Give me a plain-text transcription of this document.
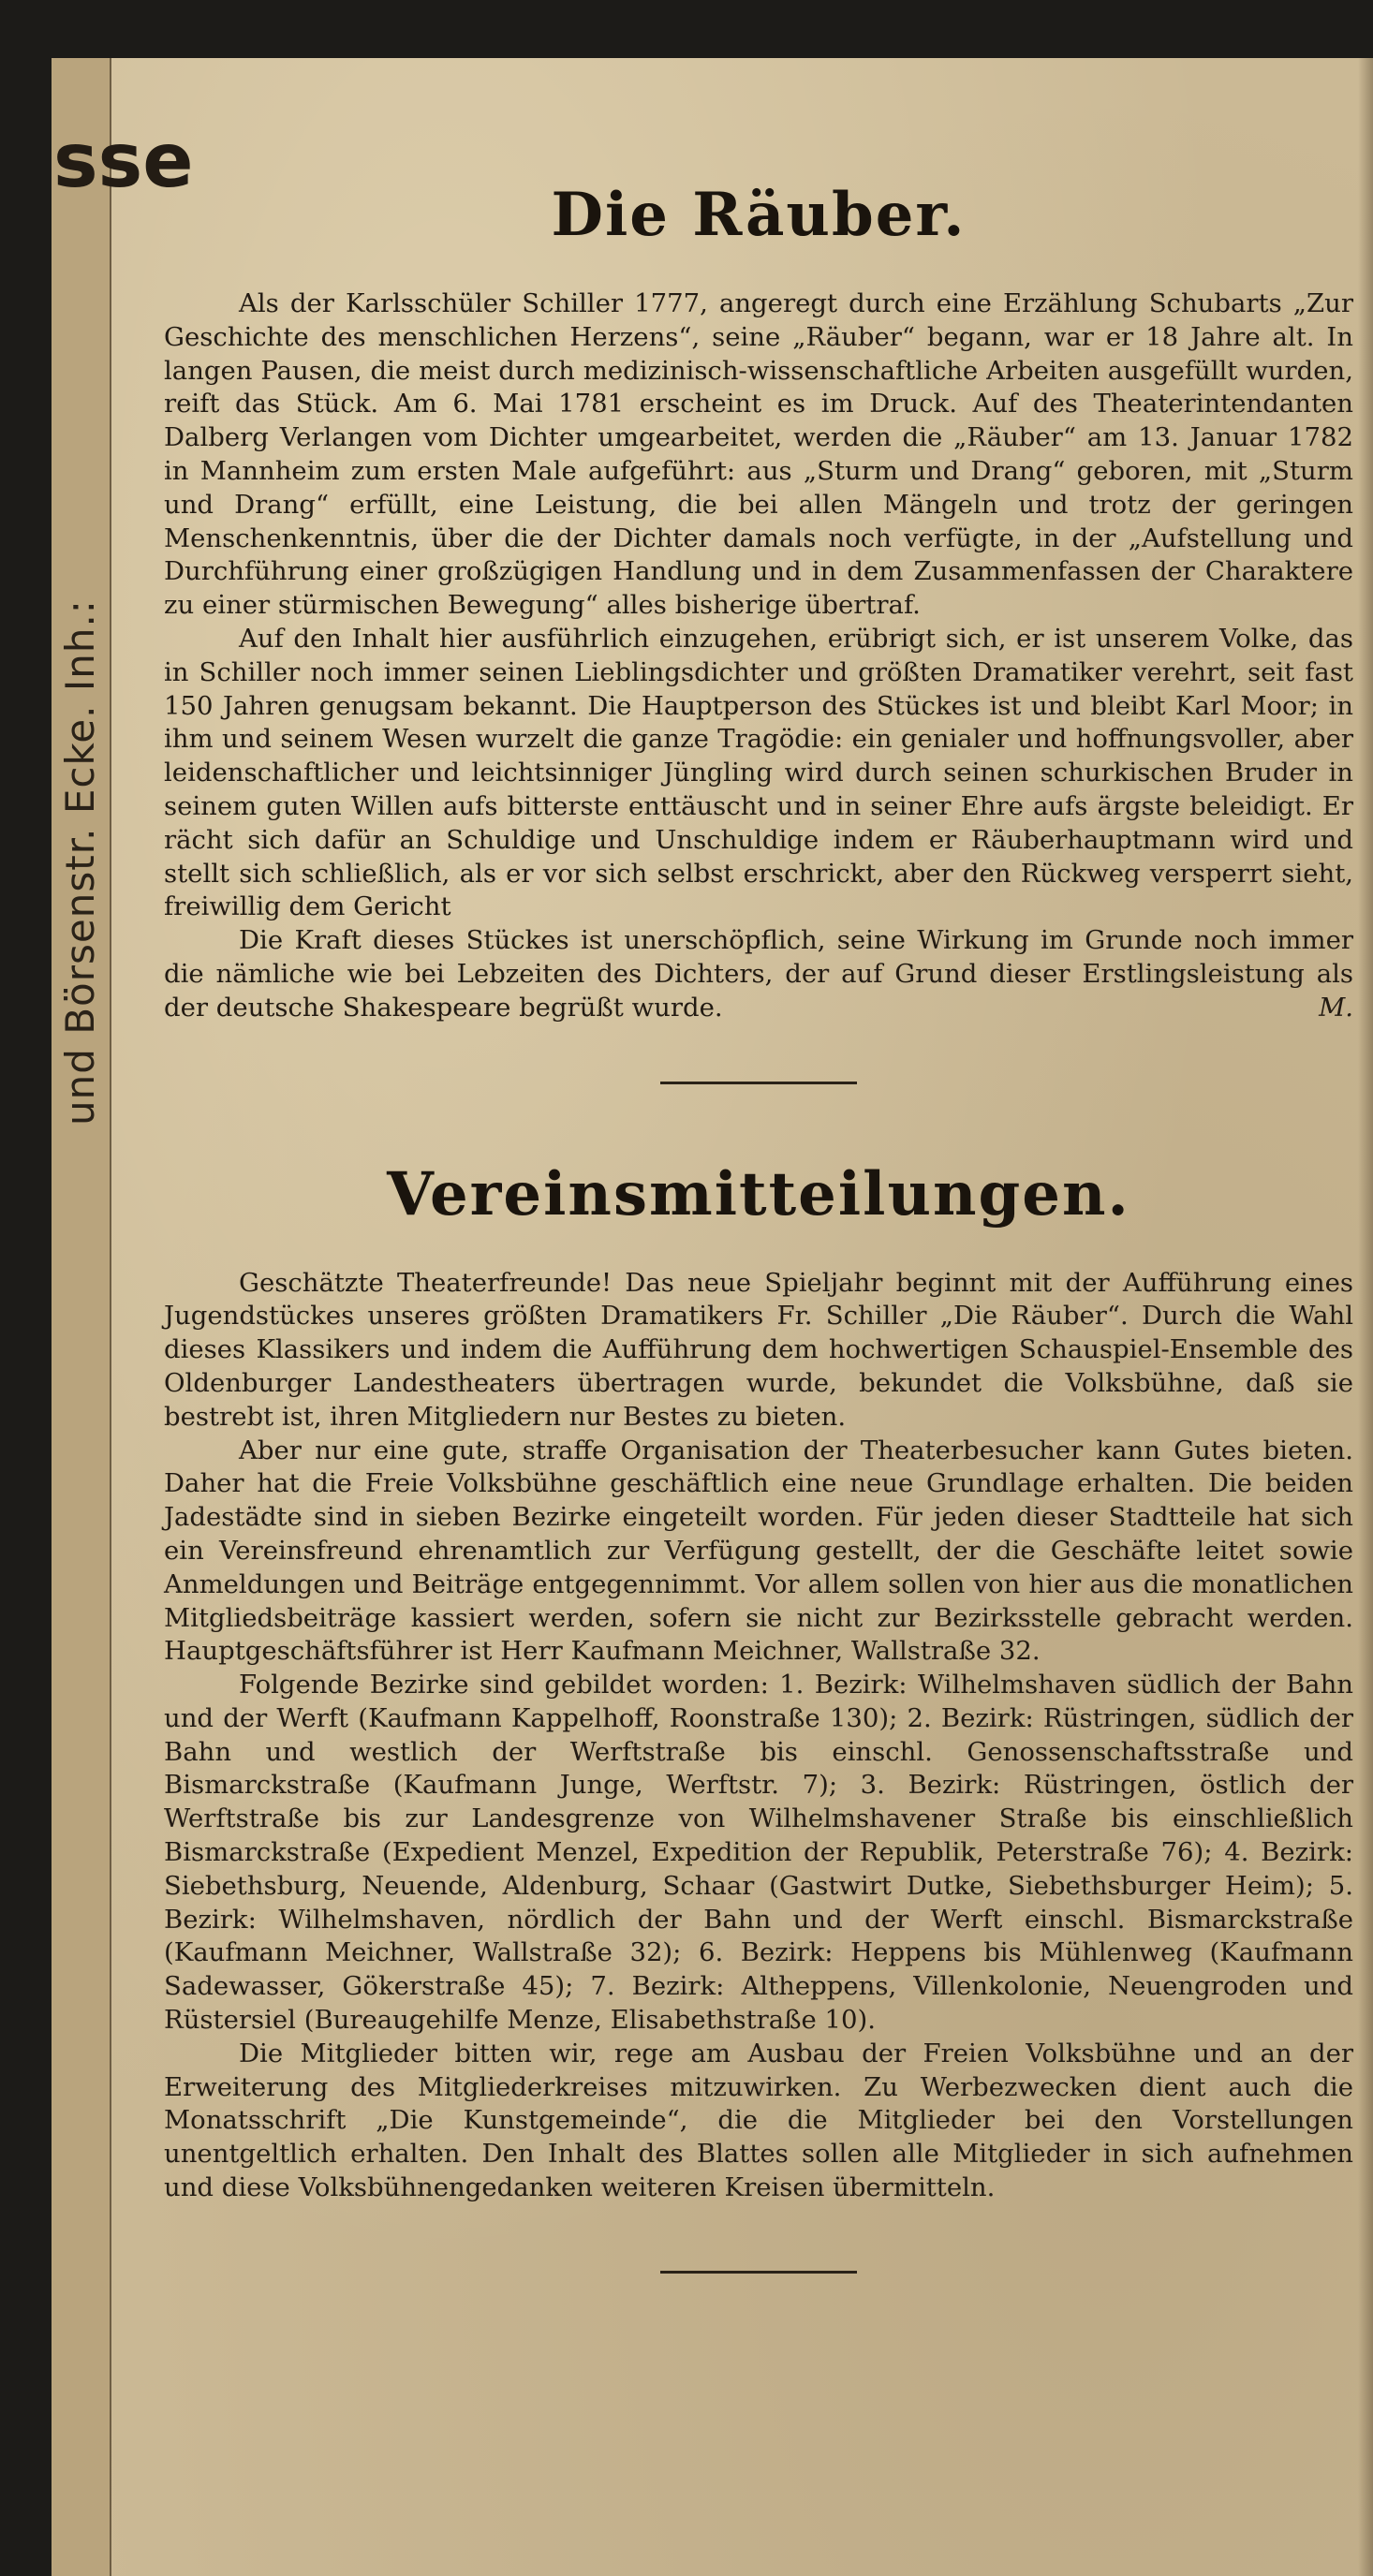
sse
und Börsenstr. Ecke. Inh.:
Die Räuber.

Als der Karlsschüler Schiller 1777, angeregt durch eine Erzählung Schubarts „Zur Geschichte des menschlichen Herzens“, seine „Räuber“ begann, war er 18 Jahre alt. In langen Pausen, die meist durch medizinisch-wissenschaftliche Arbeiten ausgefüllt wurden, reift das Stück. Am 6. Mai 1781 erscheint es im Druck. Auf des Theaterintendanten Dalberg Verlangen vom Dichter umgearbeitet, werden die „Räuber“ am 13. Januar 1782 in Mannheim zum ersten Male aufgeführt: aus „Sturm und Drang“ geboren, mit „Sturm und Drang“ erfüllt, eine Leistung, die bei allen Mängeln und trotz der geringen Menschenkenntnis, über die der Dichter damals noch verfügte, in der „Aufstellung und Durchführung einer großzügigen Handlung und in dem Zusammenfassen der Charaktere zu einer stürmischen Bewegung“ alles bisherige übertraf.

Auf den Inhalt hier ausführlich einzugehen, erübrigt sich, er ist unserem Volke, das in Schiller noch immer seinen Lieblingsdichter und größten Dramatiker verehrt, seit fast 150 Jahren genugsam bekannt. Die Hauptperson des Stückes ist und bleibt Karl Moor; in ihm und seinem Wesen wurzelt die ganze Tragödie: ein genialer und hoffnungsvoller, aber leidenschaftlicher und leichtsinniger Jüngling wird durch seinen schurkischen Bruder in seinem guten Willen aufs bitterste enttäuscht und in seiner Ehre aufs ärgste beleidigt. Er rächt sich dafür an Schuldige und Unschuldige indem er Räuberhauptmann wird und stellt sich schließlich, als er vor sich selbst erschrickt, aber den Rückweg versperrt sieht, freiwillig dem Gericht

Die Kraft dieses Stückes ist unerschöpflich, seine Wirkung im Grunde noch immer die nämliche wie bei Lebzeiten des Dichters, der auf Grund dieser Erstlingsleistung als der deutsche Shakespeare begrüßt wurde.	M.

Vereinsmitteilungen.

Geschätzte Theaterfreunde! Das neue Spieljahr beginnt mit der Aufführung eines Jugendstückes unseres größten Dramatikers Fr. Schiller „Die Räuber“. Durch die Wahl dieses Klassikers und indem die Aufführung dem hochwertigen Schauspiel-Ensemble des Oldenburger Landestheaters übertragen wurde, bekundet die Volksbühne, daß sie bestrebt ist, ihren Mitgliedern nur Bestes zu bieten.

Aber nur eine gute, straffe Organisation der Theaterbesucher kann Gutes bieten. Daher hat die Freie Volksbühne geschäftlich eine neue Grundlage erhalten. Die beiden Jadestädte sind in sieben Bezirke eingeteilt worden. Für jeden dieser Stadtteile hat sich ein Vereinsfreund ehrenamtlich zur Verfügung gestellt, der die Geschäfte leitet sowie Anmeldungen und Beiträge entgegennimmt. Vor allem sollen von hier aus die monatlichen Mitgliedsbeiträge kassiert werden, sofern sie nicht zur Bezirksstelle gebracht werden. Hauptgeschäftsführer ist Herr Kaufmann Meichner, Wallstraße 32.

Folgende Bezirke sind gebildet worden: 1. Bezirk: Wilhelmshaven südlich der Bahn und der Werft (Kaufmann Kappelhoff, Roonstraße 130); 2. Bezirk: Rüstringen, südlich der Bahn und westlich der Werftstraße bis einschl. Genossenschaftsstraße und Bismarckstraße (Kaufmann Junge, Werftstr. 7); 3. Bezirk: Rüstringen, östlich der Werftstraße bis zur Landesgrenze von Wilhelmshavener Straße bis einschließlich Bismarckstraße (Expedient Menzel, Expedition der Republik, Peterstraße 76); 4. Bezirk: Siebethsburg, Neuende, Aldenburg, Schaar (Gastwirt Dutke, Siebethsburger Heim); 5. Bezirk: Wilhelmshaven, nördlich der Bahn und der Werft einschl. Bismarckstraße (Kaufmann Meichner, Wallstraße 32); 6. Bezirk: Heppens bis Mühlenweg (Kaufmann Sadewasser, Gökerstraße 45); 7. Bezirk: Altheppens, Villenkolonie, Neuengroden und Rüstersiel (Bureaugehilfe Menze, Elisabethstraße 10).

Die Mitglieder bitten wir, rege am Ausbau der Freien Volksbühne und an der Erweiterung des Mitgliederkreises mitzuwirken. Zu Werbezwecken dient auch die Monatsschrift „Die Kunstgemeinde“, die die Mitglieder bei den Vorstellungen unentgeltlich erhalten. Den Inhalt des Blattes sollen alle Mitglieder in sich aufnehmen und diese Volksbühnengedanken weiteren Kreisen übermitteln.
